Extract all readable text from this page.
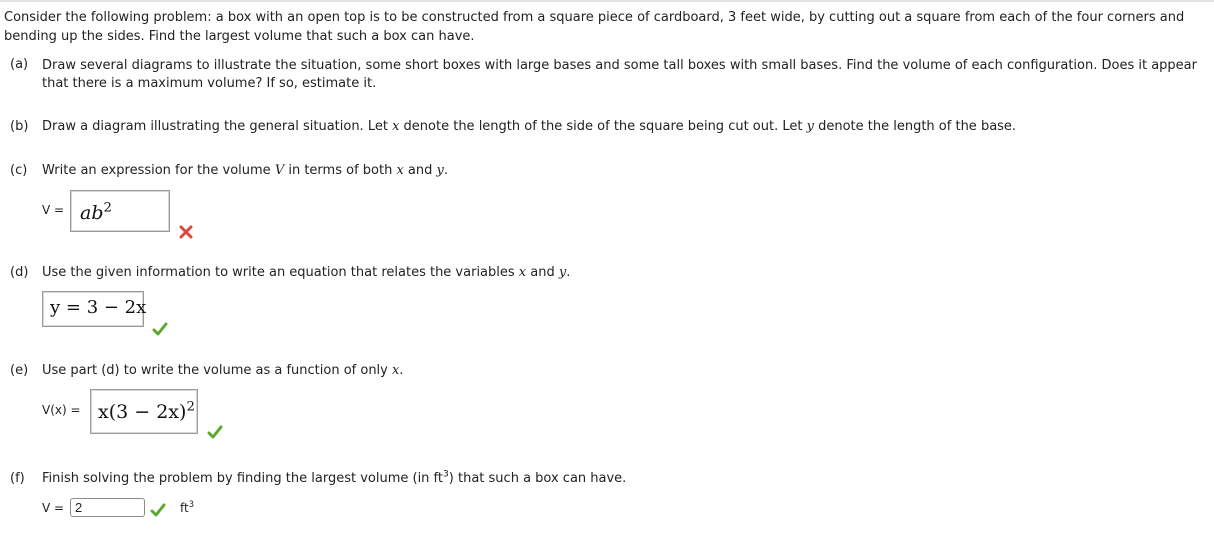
Consider the following problem: a box with an open top is to be constructed from a square piece of cardboard, 3 feet wide, by cutting out a square from each of the four corners and bending up the sides. Find the largest volume that such a box can have.
(a) Draw several diagrams to illustrate the situation, some short boxes with large bases and some tall boxes with small bases. Find the volume of each configuration. Does it appear that there is a maximum volume? If so, estimate it.
(b) Draw a diagram illustrating the general situation. Let x denote the length of the side of the square being cut out. Let y denote the length of the base.
(c) Write an expression for the volume V in terms of both x and y.
$V = ab^2$
(d) Use the given information to write an equation that relates the variables x and y.
y = 3 − 2x
(e) Use part (d) to write the volume as a function of only x.
$V(x) = x(3 - 2x)^2$
(f) Finish solving the problem by finding the largest volume (in $ft^3$) that such a box can have.
V =
2	$ft^3$
